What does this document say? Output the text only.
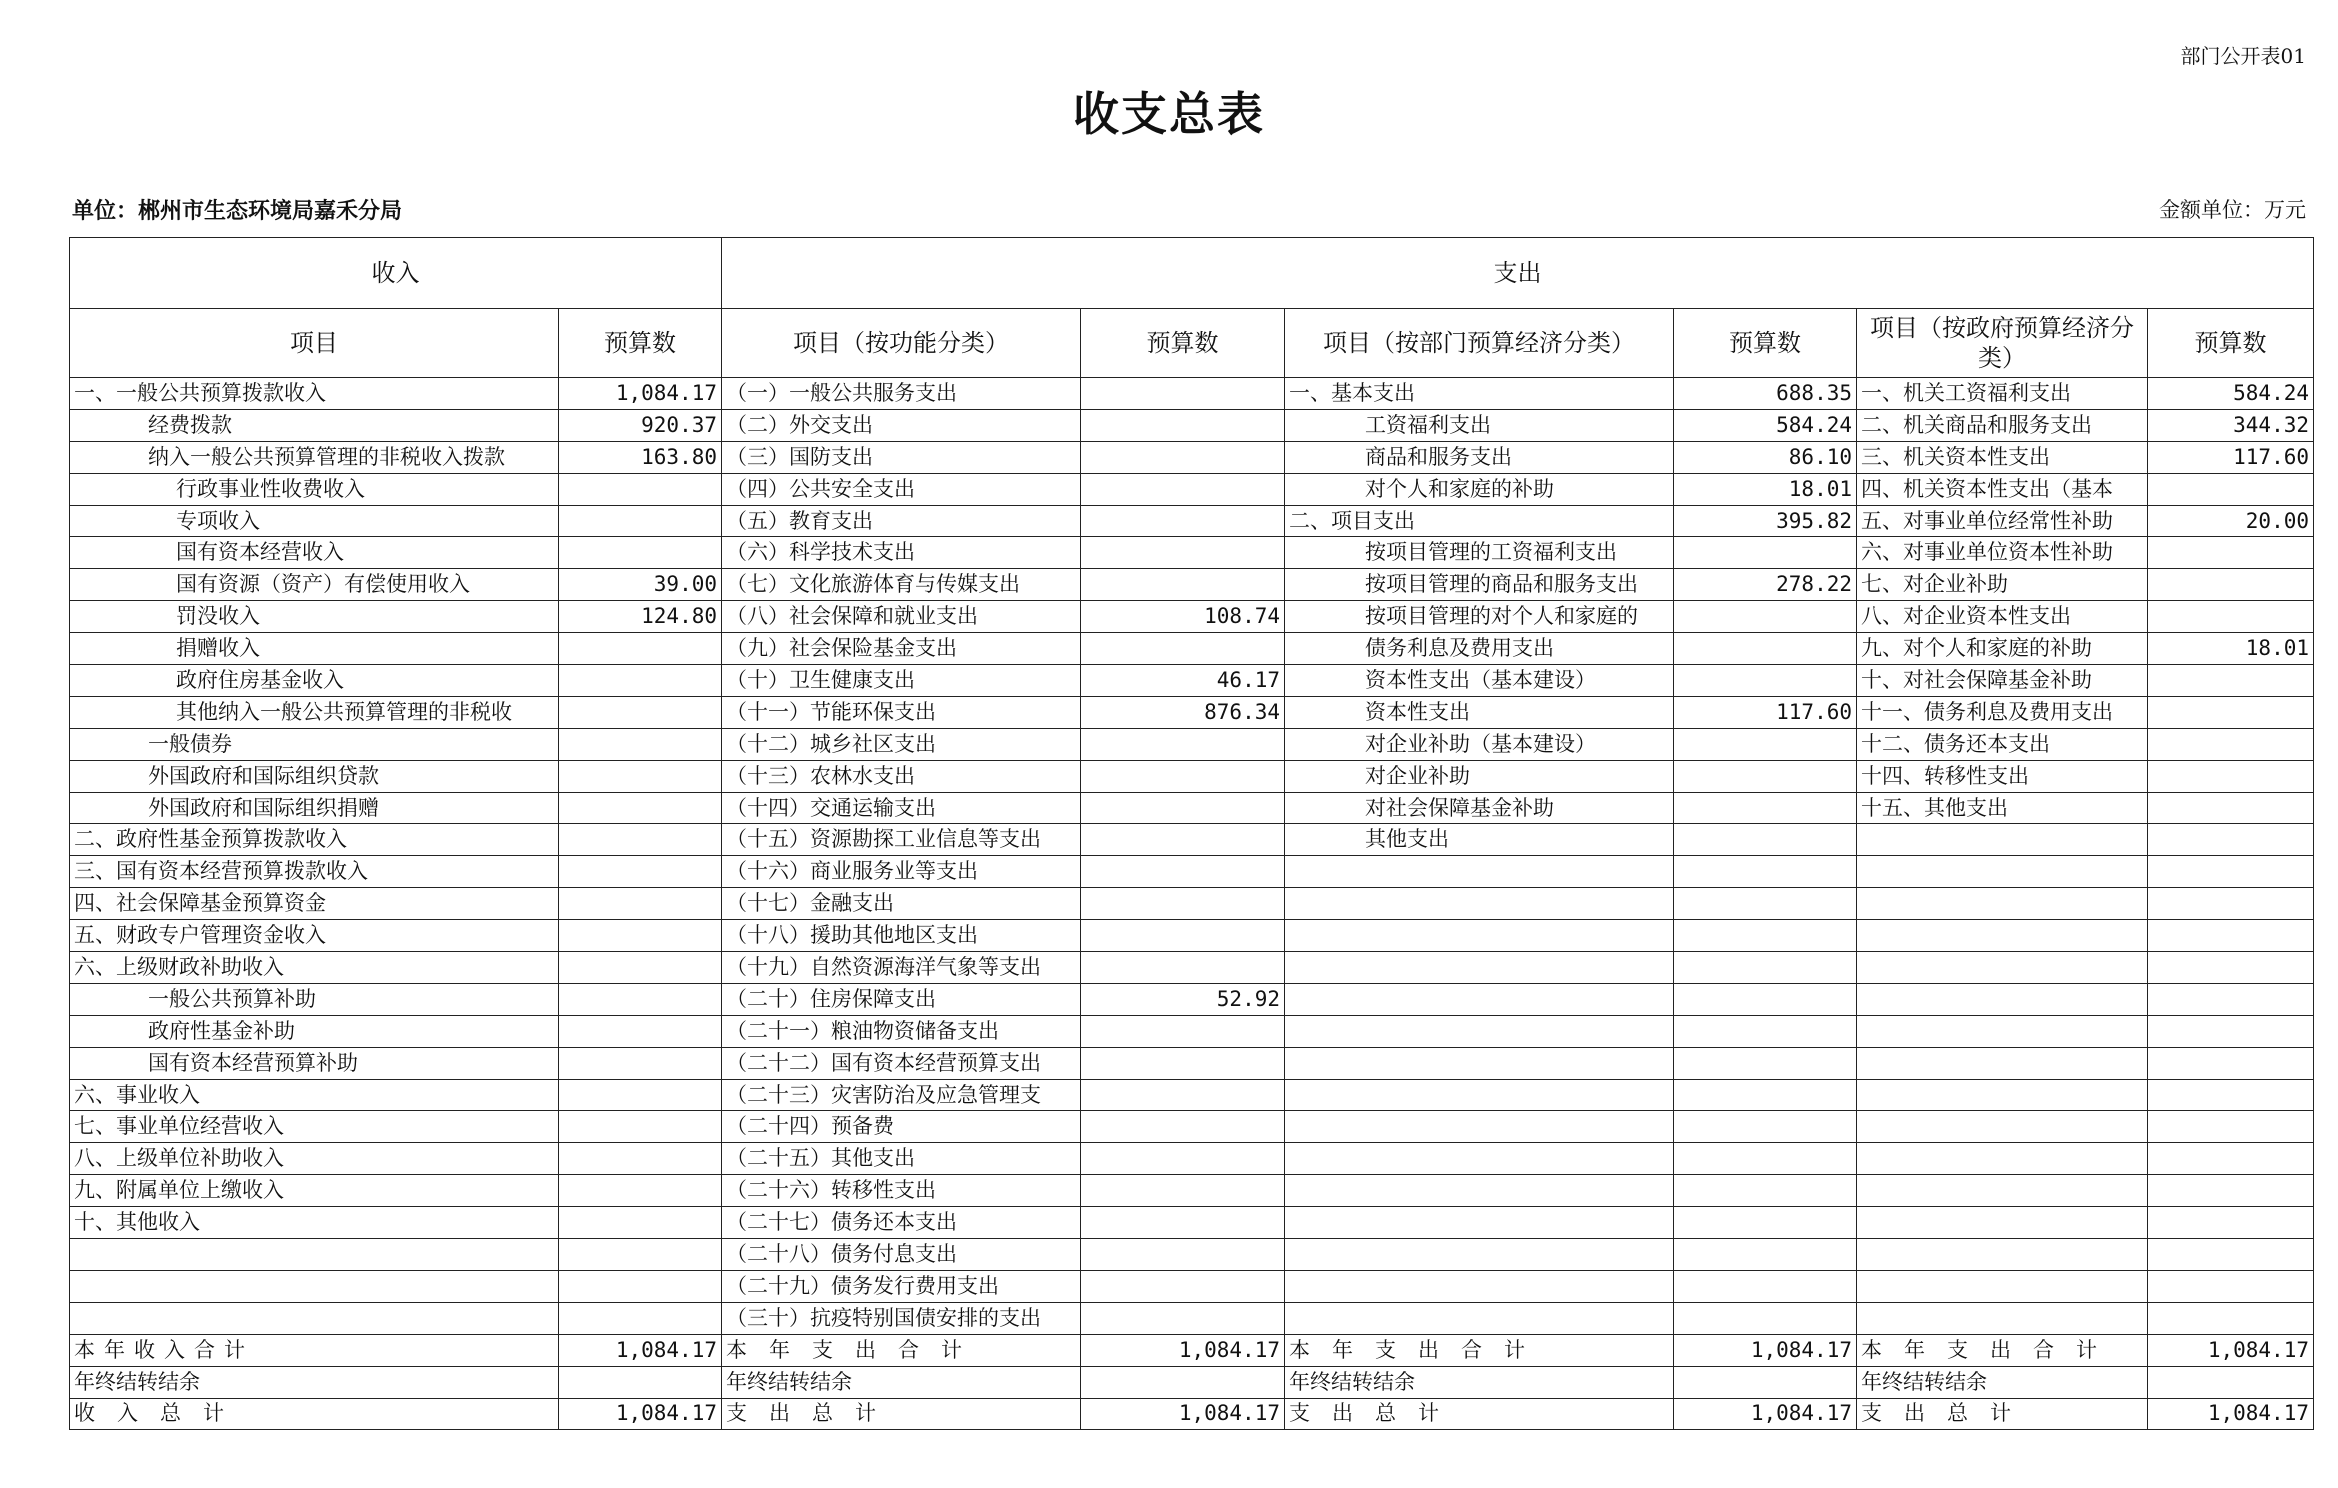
部门公开表01
收支总表
单位：郴州市生态环境局嘉禾分局	金额单位：万元
收入		支出					
项目	预算数	项目（按功能分类）	预算数	项目（按部门预算经济分类）	预算数	项目（按政府预算经济分类）	预算数
一、一般公共预算拨款收入	1,084.17	（一）一般公共服务支出		一、基本支出	688.35	一、机关工资福利支出	584.24
经费拨款	920.37	（二）外交支出		工资福利支出	584.24	二、机关商品和服务支出	344.32
纳入一般公共预算管理的非税收入拨款	163.80	（三）国防支出		商品和服务支出	86.10	三、机关资本性支出	117.60
行政事业性收费收入		（四）公共安全支出		对个人和家庭的补助	18.01	四、机关资本性支出（基本	
专项收入		（五）教育支出		二、项目支出	395.82	五、对事业单位经常性补助	20.00
国有资本经营收入		（六）科学技术支出		按项目管理的工资福利支出		六、对事业单位资本性补助	
国有资源（资产）有偿使用收入	39.00	（七）文化旅游体育与传媒支出		按项目管理的商品和服务支出	278.22	七、对企业补助	
罚没收入	124.80	（八）社会保障和就业支出	108.74	按项目管理的对个人和家庭的		八、对企业资本性支出	
捐赠收入		（九）社会保险基金支出		债务利息及费用支出		九、对个人和家庭的补助	18.01
政府住房基金收入		（十）卫生健康支出	46.17	资本性支出（基本建设）		十、对社会保障基金补助	
其他纳入一般公共预算管理的非税收		（十一）节能环保支出	876.34	资本性支出	117.60	十一、债务利息及费用支出	
一般债券		（十二）城乡社区支出		对企业补助（基本建设）		十二、债务还本支出	
外国政府和国际组织贷款		（十三）农林水支出		对企业补助		十四、转移性支出	
外国政府和国际组织捐赠		（十四）交通运输支出		对社会保障基金补助		十五、其他支出	
二、政府性基金预算拨款收入		（十五）资源勘探工业信息等支出		其他支出			
三、国有资本经营预算拨款收入		（十六）商业服务业等支出					
四、社会保障基金预算资金		（十七）金融支出					
五、财政专户管理资金收入		（十八）援助其他地区支出					
六、上级财政补助收入		（十九）自然资源海洋气象等支出					
一般公共预算补助		（二十）住房保障支出	52.92				
政府性基金补助		（二十一）粮油物资储备支出					
国有资本经营预算补助		（二十二）国有资本经营预算支出					
六、事业收入		（二十三）灾害防治及应急管理支					
七、事业单位经营收入		（二十四）预备费					
八、上级单位补助收入		（二十五）其他支出					
九、附属单位上缴收入		（二十六）转移性支出					
十、其他收入		（二十七）债务还本支出					
		（二十八）债务付息支出					
		（二十九）债务发行费用支出					
		（三十）抗疫特别国债安排的支出					
本年收入合计	1,084.17	本年支出合计	1,084.17	本年支出合计	1,084.17	本年支出合计	1,084.17
年终结转结余		年终结转结余		年终结转结余		年终结转结余	
收入总计	1,084.17	支出总计	1,084.17	支出总计	1,084.17	支出总计	1,084.17
